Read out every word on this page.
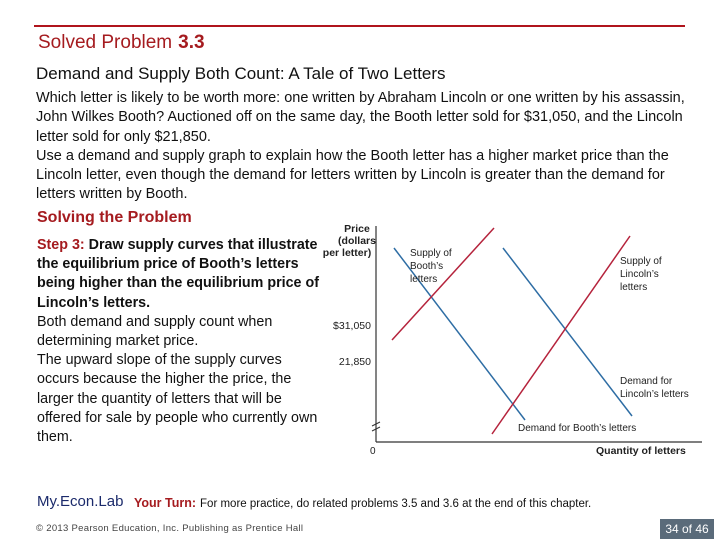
Solved Problem 3.3
Demand and Supply Both Count: A Tale of Two Letters

Which letter is likely to be worth more: one written by Abraham Lincoln or one written by his assassin, John Wilkes Booth? Auctioned off on the same day, the Booth letter sold for $31,050, and the Lincoln letter sold for only $21,850.

Use a demand and supply graph to explain how the Booth letter has a higher market price than the Lincoln letter, even though the demand for letters written by Lincoln is greater than the demand for letters written by Booth.

Solving the Problem

Step 3: Draw supply curves that illustrate the equilibrium price of Booth’s letters being higher than the equilibrium price of Lincoln’s letters.

Both demand and supply count when determining market price.

The upward slope of the supply curves occurs because the higher the price, the larger the quantity of letters that will be offered for sale by people who currently own them.

Price
(dollars
per letter)
0	Quantity of letters
$31,050
21,850
Supply of
Booth’s
letters
Supply of
Lincoln’s
letters
Demand for
Lincoln’s letters
Demand for Booth’s letters
My.Econ.Lab Your Turn: For more practice, do related problems 3.5 and 3.6 at the end of this chapter.
© 2013 Pearson Education, Inc. Publishing as Prentice Hall	34 of 46
